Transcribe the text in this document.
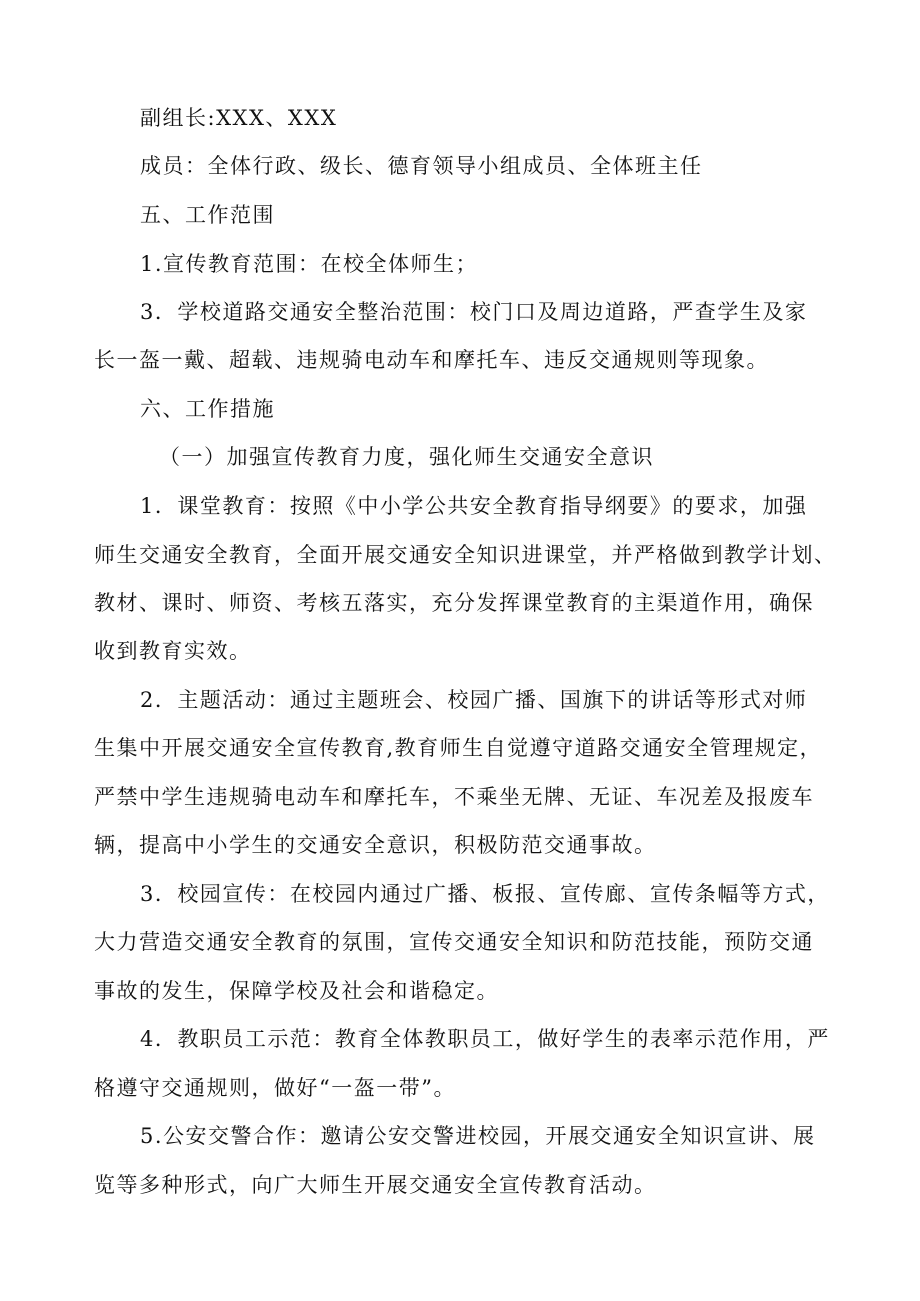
副组长:XXX、XXX

成员：全体行政、级长、德育领导小组成员、全体班主任

五、工作范围

1.宣传教育范围：在校全体师生；

3．学校道路交通安全整治范围：校门口及周边道路，严查学生及家

长一盔一戴、超载、违规骑电动车和摩托车、违反交通规则等现象。

六、工作措施

（一）加强宣传教育力度，强化师生交通安全意识

1．课堂教育：按照《中小学公共安全教育指导纲要》的要求，加强

师生交通安全教育，全面开展交通安全知识进课堂，并严格做到教学计划、

教材、课时、师资、考核五落实，充分发挥课堂教育的主渠道作用，确保

收到教育实效。

2．主题活动：通过主题班会、校园广播、国旗下的讲话等形式对师

生集中开展交通安全宣传教育,教育师生自觉遵守道路交通安全管理规定，

严禁中学生违规骑电动车和摩托车，不乘坐无牌、无证、车况差及报废车

辆，提高中小学生的交通安全意识，积极防范交通事故。

3．校园宣传：在校园内通过广播、板报、宣传廊、宣传条幅等方式，

大力营造交通安全教育的氛围，宣传交通安全知识和防范技能，预防交通

事故的发生，保障学校及社会和谐稳定。

4．教职员工示范：教育全体教职员工，做好学生的表率示范作用，严

格遵守交通规则，做好“一盔一带”。

5.公安交警合作：邀请公安交警进校园，开展交通安全知识宣讲、展

览等多种形式，向广大师生开展交通安全宣传教育活动。
